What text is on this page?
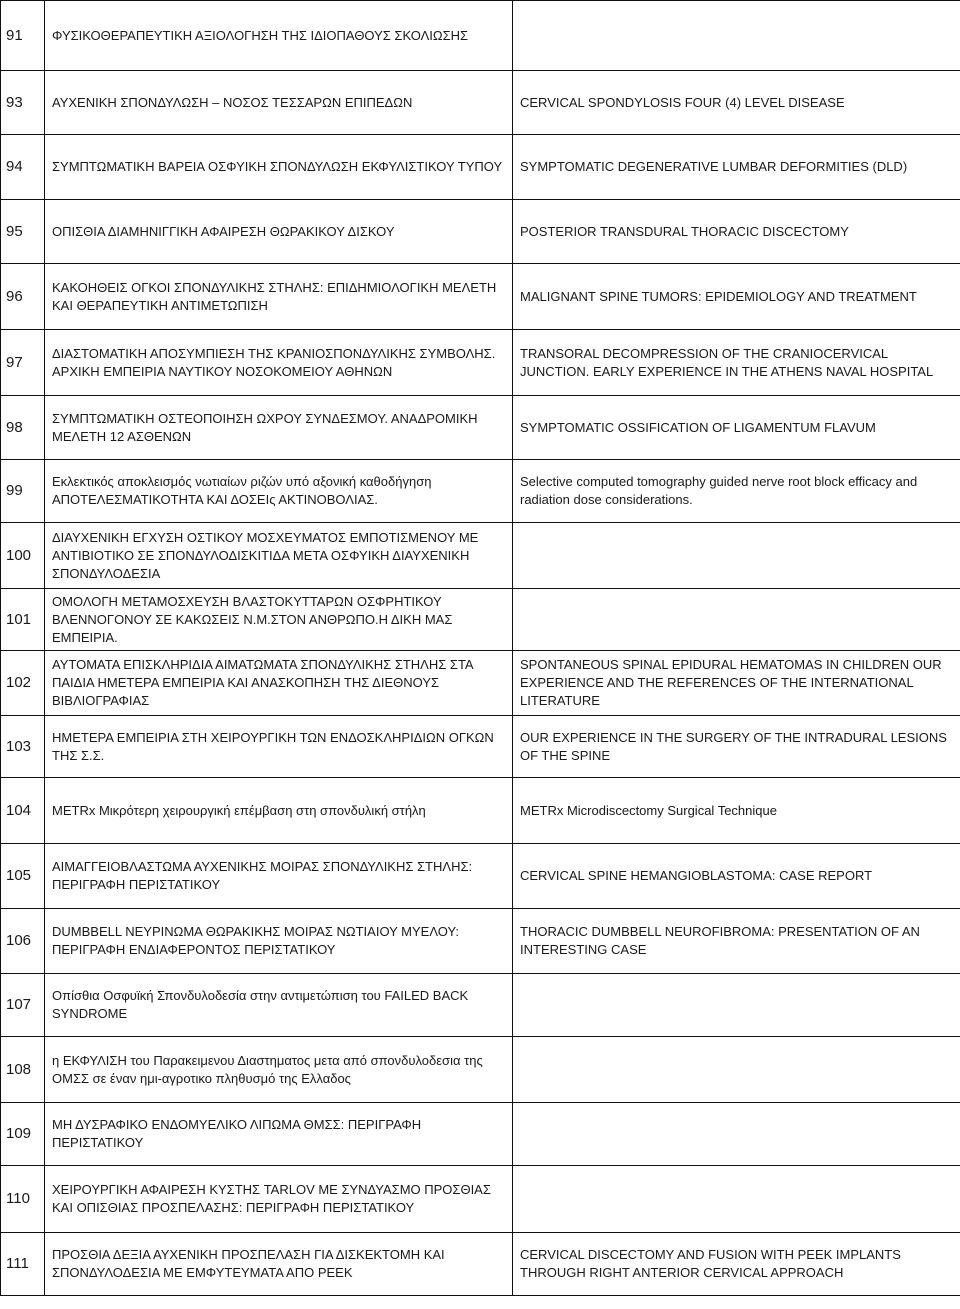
91	ΦΥΣΙΚΟΘΕΡΑΠΕΥΤΙΚΗ ΑΞΙΟΛΟΓΗΣΗ ΤΗΣ ΙΔΙΟΠΑΘΟΥΣ ΣΚΟΛΙΩΣΗΣ	
93	ΑΥΧΕΝΙΚΗ ΣΠΟΝΔΥΛΩΣΗ – ΝΟΣΟΣ ΤΕΣΣΑΡΩΝ ΕΠΙΠΕΔΩΝ	CERVICAL SPONDYLOSIS FOUR (4) LEVEL DISEASE
94	ΣΥΜΠΤΩΜΑΤΙΚΗ ΒΑΡΕΙΑ ΟΣΦΥΙΚΗ ΣΠΟΝΔΥΛΩΣΗ ΕΚΦΥΛΙΣΤΙΚΟΥ ΤΥΠΟΥ	SYMPTOMATIC DEGENERATIVE LUMBAR DEFORMITIES (DLD)
95	ΟΠΙΣΘΙΑ ΔΙΑΜΗΝΙΓΓΙΚΗ ΑΦΑΙΡΕΣΗ ΘΩΡΑΚΙΚΟΥ ΔΙΣΚΟΥ	POSTERIOR TRANSDURAL THORACIC DISCECTOMY
96	ΚΑΚΟΗΘΕΙΣ ΟΓΚΟΙ ΣΠΟΝΔΥΛΙΚΗΣ ΣΤΗΛΗΣ: ΕΠΙΔΗΜΙΟΛΟΓΙΚΗ ΜΕΛΕΤΗ ΚΑΙ ΘΕΡΑΠΕΥΤΙΚΗ ΑΝΤΙΜΕΤΩΠΙΣΗ	MALIGNANT SPINE TUMORS: EPIDEMIOLOGY AND TREATMENT
97	ΔΙΑΣΤΟΜΑΤΙΚΗ ΑΠΟΣΥΜΠΙΕΣΗ ΤΗΣ ΚΡΑΝΙΟΣΠΟΝΔΥΛΙΚΗΣ ΣΥΜΒΟΛΗΣ. ΑΡΧΙΚΗ ΕΜΠΕΙΡΙΑ ΝΑΥΤΙΚΟΥ ΝΟΣΟΚΟΜΕΙΟΥ ΑΘΗΝΩΝ	TRANSORAL DECOMPRESSION OF THE CRANIOCERVICAL JUNCTION. EARLY EXPERIENCE IN THE ATHENS NAVAL HOSPITAL
98	ΣΥΜΠΤΩΜΑΤΙΚΗ ΟΣΤΕΟΠΟΙΗΣΗ ΩΧΡΟΥ ΣΥΝΔΕΣΜΟΥ. ΑΝΑΔΡΟΜΙΚΗ ΜΕΛΕΤΗ 12 ΑΣΘΕΝΩΝ	SYMPTOMATIC OSSIFICATION OF LIGAMENTUM FLAVUM
99	Εκλεκτικός αποκλεισμός νωτιαίων ριζών υπό αξονική καθοδήγηση ΑΠΟΤΕΛΕΣΜΑΤΙΚΟΤΗΤΑ ΚΑΙ ΔΟΣΕΙς ΑΚΤΙΝΟΒΟΛΙΑΣ.	Selective computed tomography guided nerve root block efficacy and radiation dose considerations.
100	ΔΙΑΥΧΕΝΙΚΗ ΕΓΧΥΣΗ ΟΣΤΙΚΟΥ ΜΟΣΧΕΥΜΑΤΟΣ ΕΜΠΟΤΙΣΜΕΝΟΥ ΜΕ ΑΝΤΙΒΙΟΤΙΚΟ ΣΕ ΣΠΟΝΔΥΛΟΔΙΣΚΙΤΙΔΑ ΜΕΤΑ ΟΣΦΥΙΚΗ ΔΙΑΥΧΕΝΙΚΗ ΣΠΟΝΔΥΛΟΔΕΣΙΑ	
101	ΟΜΟΛΟΓΗ ΜΕΤΑΜΟΣΧΕΥΣΗ ΒΛΑΣΤΟΚΥΤΤΑΡΩΝ ΟΣΦΡΗΤΙΚΟΥ ΒΛΕΝΝΟΓΟΝΟΥ ΣΕ ΚΑΚΩΣΕΙΣ Ν.Μ.ΣΤΟΝ ΑΝΘΡΩΠΟ.Η ΔΙΚΗ ΜΑΣ ΕΜΠΕΙΡΙΑ.	
102	ΑΥΤΟΜΑΤΑ ΕΠΙΣΚΛΗΡΙΔΙΑ ΑΙΜΑΤΩΜΑΤΑ ΣΠΟΝΔΥΛΙΚΗΣ ΣΤΗΛΗΣ ΣΤΑ ΠΑΙΔΙΑ ΗΜΕΤΕΡΑ ΕΜΠΕΙΡΙΑ ΚΑΙ ΑΝΑΣΚΟΠΗΣΗ ΤΗΣ ΔΙΕΘΝΟΥΣ ΒΙΒΛΙΟΓΡΑΦΙΑΣ	SPONTANEOUS SPINAL EPIDURAL HEMATOMAS IN CHILDREN OUR EXPERIENCE AND THE REFERENCES OF THE INTERNATIONAL LITERATURE
103	ΗΜΕΤΕΡΑ ΕΜΠΕΙΡΙΑ ΣΤΗ ΧΕΙΡΟΥΡΓΙΚΗ ΤΩΝ ΕΝΔΟΣΚΛΗΡΙΔΙΩΝ ΟΓΚΩΝ ΤΗΣ Σ.Σ.	OUR EXPERIENCE IN THE SURGERY OF THE INTRADURAL LESIONS OF THE SPINE
104	METRx Μικρότερη χειρουργική επέμβαση στη σπονδυλική στήλη	METRx Microdiscectomy Surgical Technique
105	ΑΙΜΑΓΓΕΙΟΒΛΑΣΤΩΜΑ ΑΥΧΕΝΙΚΗΣ ΜΟΙΡΑΣ ΣΠΟΝΔΥΛΙΚΗΣ ΣΤΗΛΗΣ: ΠΕΡΙΓΡΑΦΗ ΠΕΡΙΣΤΑΤΙΚΟΥ	CERVICAL SPINE HEMANGIOBLASTOMA: CASE REPORT
106	DUMBBELL ΝΕΥΡΙΝΩΜΑ ΘΩΡΑΚΙΚΗΣ ΜΟΙΡΑΣ ΝΩΤΙΑΙΟΥ ΜΥΕΛΟΥ: ΠΕΡΙΓΡΑΦΗ ΕΝΔΙΑΦΕΡΟΝΤΟΣ ΠΕΡΙΣΤΑΤΙΚΟΥ	THORACIC DUMBBELL NEUROFIBROMA: PRESENTATION OF AN INTERESTING CASE
107	Οπίσθια Οσφυϊκή Σπονδυλοδεσία στην αντιμετώπιση του FAILED BACK SYNDROME	
108	η ΕΚΦΥΛΙΣΗ του Παρακειμενου Διαστηματος μετα από σπονδυλοδεσια της ΟΜΣΣ σε έναν ημι-αγροτικο πληθυσμό της Ελλαδος	
109	ΜΗ ΔΥΣΡΑΦΙΚΟ ΕΝΔΟΜΥΕΛΙΚΟ ΛΙΠΩΜΑ ΘΜΣΣ: ΠΕΡΙΓΡΑΦΗ ΠΕΡΙΣΤΑΤΙΚΟΥ	
110	ΧΕΙΡΟΥΡΓΙΚΗ ΑΦΑΙΡΕΣΗ ΚΥΣΤΗΣ TARLOV ΜΕ ΣΥΝΔΥΑΣΜΟ ΠΡΟΣΘΙΑΣ ΚΑΙ ΟΠΙΣΘΙΑΣ ΠΡΟΣΠΕΛΑΣΗΣ: ΠΕΡΙΓΡΑΦΗ ΠΕΡΙΣΤΑΤΙΚΟΥ	
111	ΠΡΟΣΘΙΑ ΔΕΞΙΑ ΑΥΧΕΝΙΚΗ ΠΡΟΣΠΕΛΑΣΗ ΓΙΑ ΔΙΣΚΕΚΤΟΜΗ ΚΑΙ ΣΠΟΝΔΥΛΟΔΕΣΙΑ ΜΕ ΕΜΦΥΤΕΥΜΑΤΑ ΑΠΟ PEEK	CERVICAL DISCECTOMY AND FUSION WITH PEEK IMPLANTS THROUGH RIGHT ANTERIOR CERVICAL APPROACH
